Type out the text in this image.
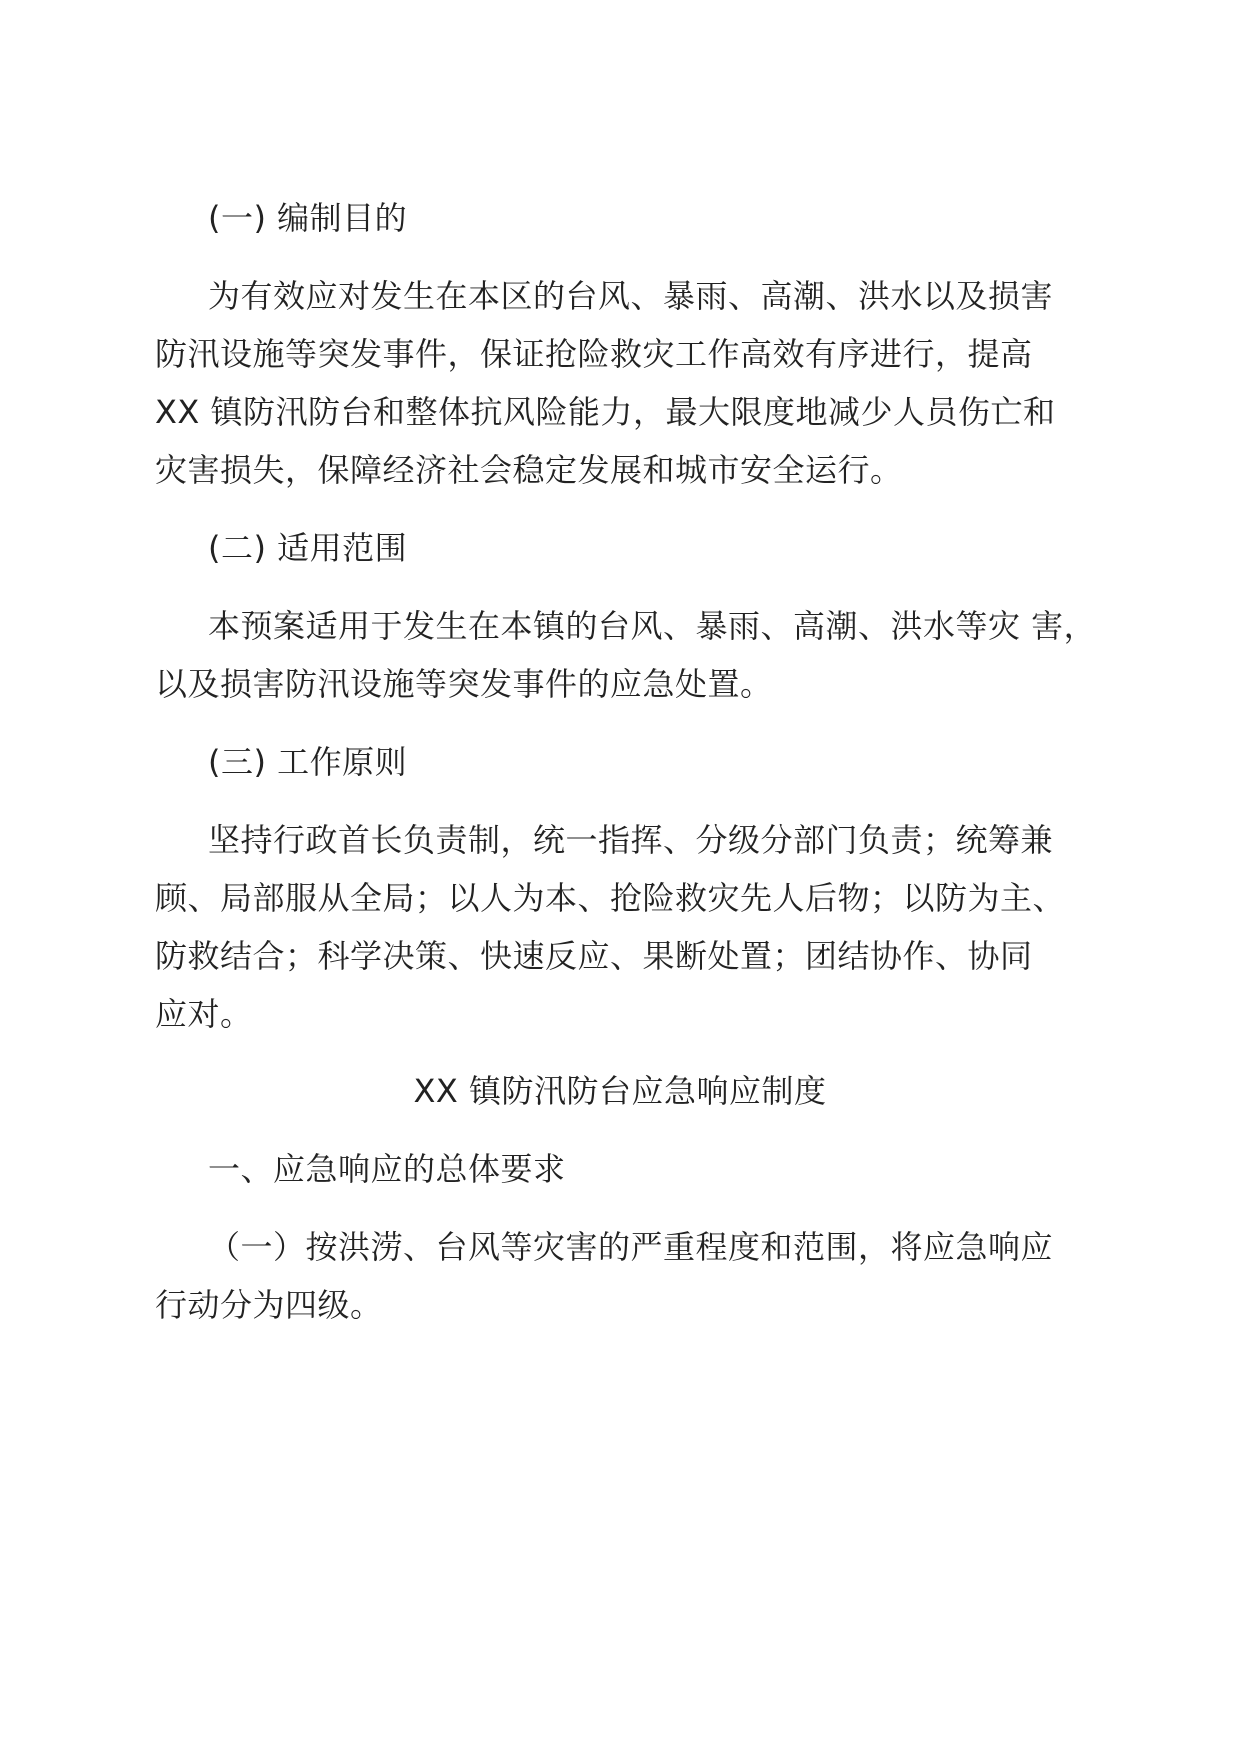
(一) 编制目的

为有效应对发生在本区的台风、暴雨、高潮、洪水以及损害

防汛设施等突发事件，保证抢险救灾工作高效有序进行，提高

XX 镇防汛防台和整体抗风险能力，最大限度地减少人员伤亡和

灾害损失，保障经济社会稳定发展和城市安全运行。

(二) 适用范围

本预案适用于发生在本镇的台风、暴雨、高潮、洪水等灾 害，

以及损害防汛设施等突发事件的应急处置。

(三) 工作原则

坚持行政首长负责制，统一指挥、分级分部门负责；统筹兼

顾、局部服从全局；以人为本、抢险救灾先人后物；以防为主、

防救结合；科学决策、快速反应、果断处置；团结协作、协同

应对。

XX 镇防汛防台应急响应制度

一、应急响应的总体要求

（一）按洪涝、台风等灾害的严重程度和范围，将应急响应

行动分为四级。
